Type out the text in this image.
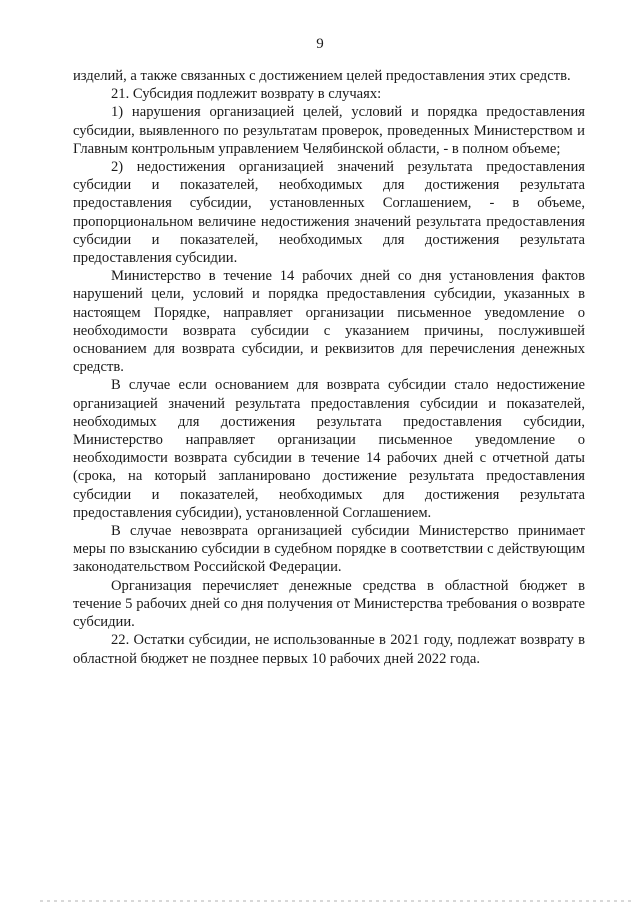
9

изделий, а также связанных с достижением целей предоставления этих средств.

21. Субсидия подлежит возврату в случаях:

1) нарушения организацией целей, условий и порядка предоставления субсидии, выявленного по результатам проверок, проведенных Министерством и Главным контрольным управлением Челябинской области, - в полном объеме;

2) недостижения организацией значений результата предоставления субсидии и показателей, необходимых для достижения результата предоставления субсидии, установленных Соглашением, - в объеме, пропорциональном величине недостижения значений результата предоставления субсидии и показателей, необходимых для достижения результата предоставления субсидии.

Министерство в течение 14 рабочих дней со дня установления фактов нарушений цели, условий и порядка предоставления субсидии, указанных в настоящем Порядке, направляет организации письменное уведомление о необходимости возврата субсидии с указанием причины, послужившей основанием для возврата субсидии, и реквизитов для перечисления денежных средств.

В случае если основанием для возврата субсидии стало недостижение организацией значений результата предоставления субсидии и показателей, необходимых для достижения результата предоставления субсидии, Министерство направляет организации письменное уведомление о необходимости возврата субсидии в течение 14 рабочих дней с отчетной даты (срока, на который запланировано достижение результата предоставления субсидии и показателей, необходимых для достижения результата предоставления субсидии), установленной Соглашением.

В случае невозврата организацией субсидии Министерство принимает меры по взысканию субсидии в судебном порядке в соответствии с действующим законодательством Российской Федерации.

Организация перечисляет денежные средства в областной бюджет в течение 5 рабочих дней со дня получения от Министерства требования о возврате субсидии.

22. Остатки субсидии, не использованные в 2021 году, подлежат возврату в областной бюджет не позднее первых 10 рабочих дней 2022 года.
